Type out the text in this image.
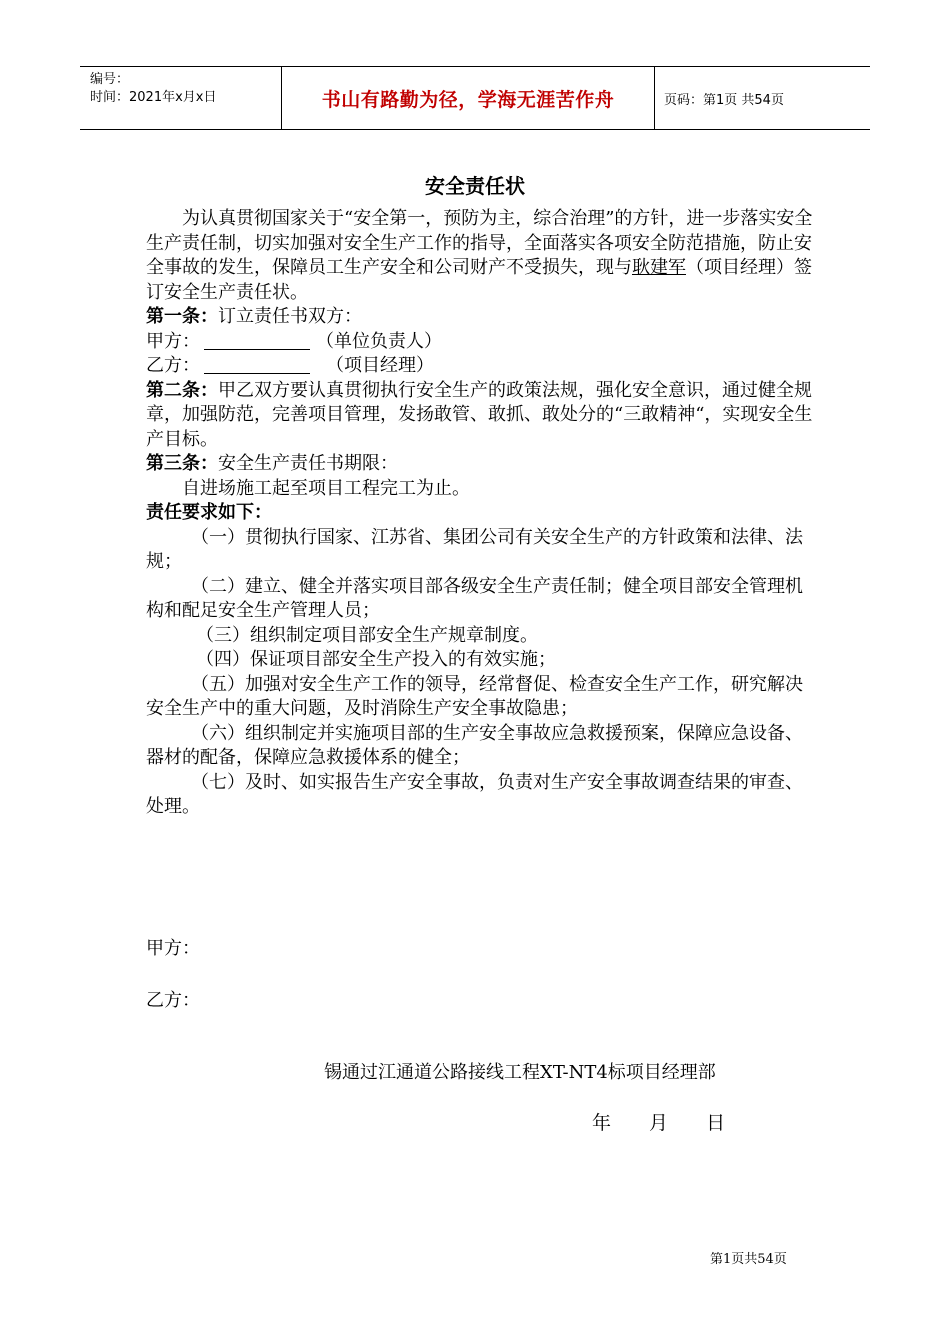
编号：
时间：2021年x月x日	书山有路勤为径，学海无涯苦作舟	页码：第1页 共54页
安全责任状

为认真贯彻国家关于“安全第一，预防为主，综合治理”的方针，进一步落实安全生产责任制，切实加强对安全生产工作的指导，全面落实各项安全防范措施，防止安全事故的发生，保障员工生产安全和公司财产不受损失，现与耿建军（项目经理）签订安全生产责任状。

第一条：订立责任书双方：

甲方：	（单位负责人）

乙方：	（项目经理）

第二条：甲乙双方要认真贯彻执行安全生产的政策法规，强化安全意识，通过健全规章，加强防范，完善项目管理，发扬敢管、敢抓、敢处分的“三敢精神“，实现安全生产目标。

第三条：安全生产责任书期限：

自进场施工起至项目工程完工为止。

责任要求如下：

（一）贯彻执行国家、江苏省、集团公司有关安全生产的方针政策和法律、法规；

（二）建立、健全并落实项目部各级安全生产责任制；健全项目部安全管理机构和配足安全生产管理人员；

（三）组织制定项目部安全生产规章制度。

（四）保证项目部安全生产投入的有效实施；

（五）加强对安全生产工作的领导，经常督促、检查安全生产工作，研究解决安全生产中的重大问题，及时消除生产安全事故隐患；

（六）组织制定并实施项目部的生产安全事故应急救援预案，保障应急设备、器材的配备，保障应急救援体系的健全；

（七）及时、如实报告生产安全事故，负责对生产安全事故调查结果的审查、处理。

甲方：
乙方：
锡通过江通道公路接线工程XT-NT4标项目经理部
年 月 日
第1页共54页
